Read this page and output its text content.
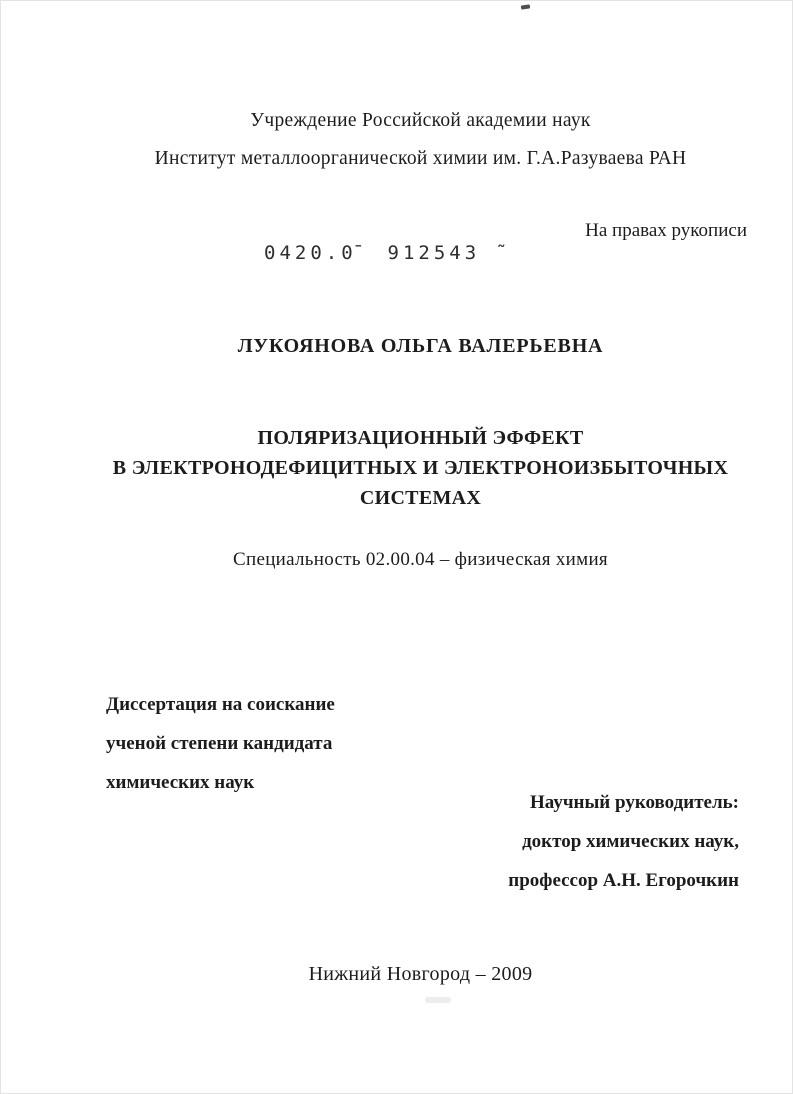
Учреждение Российской академии наук
Институт металлоорганической химии им. Г.А.Разуваева РАН
На правах рукописи
0420.0̄  912543 ˜
ЛУКОЯНОВА ОЛЬГА ВАЛЕРЬЕВНА
ПОЛЯРИЗАЦИОННЫЙ ЭФФЕКТ
В ЭЛЕКТРОНОДЕФИЦИТНЫХ И ЭЛЕКТРОНОИЗБЫТОЧНЫХ
СИСТЕМАХ
Специальность 02.00.04 – физическая химия
Диссертация на соискание
ученой степени кандидата
химических наук
Научный руководитель:
доктор химических наук,
профессор А.Н. Егорочкин
Нижний Новгород – 2009
